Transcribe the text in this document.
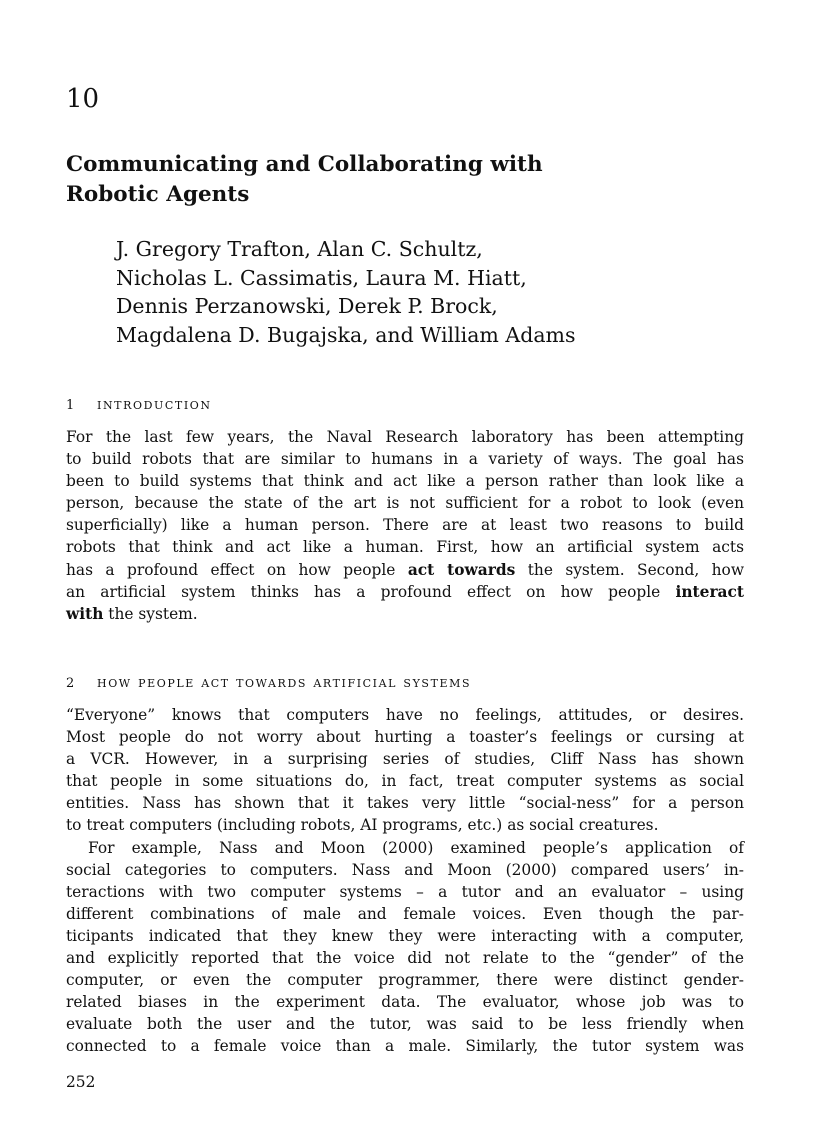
10
Communicating and Collaborating with
Robotic Agents
J. Gregory Trafton, Alan C. Schultz,
Nicholas L. Cassimatis, Laura M. Hiatt,
Dennis Perzanowski, Derek P. Brock,
Magdalena D. Bugajska, and William Adams
1 introduction
For the last few years, the Naval Research laboratory has been attempting
to build robots that are similar to humans in a variety of ways. The goal has
been to build systems that think and act like a person rather than look like a
person, because the state of the art is not sufficient for a robot to look (even
superficially) like a human person. There are at least two reasons to build
robots that think and act like a human. First, how an artificial system acts
has a profound effect on how people act towards the system. Second, how
an artificial system thinks has a profound effect on how people interact
with the system.
2 how people act towards artificial systems
“Everyone” knows that computers have no feelings, attitudes, or desires.
Most people do not worry about hurting a toaster’s feelings or cursing at
a VCR. However, in a surprising series of studies, Cliff Nass has shown
that people in some situations do, in fact, treat computer systems as social
entities. Nass has shown that it takes very little “social-ness” for a person
to treat computers (including robots, AI programs, etc.) as social creatures.
For example, Nass and Moon (2000) examined people’s application of
social categories to computers. Nass and Moon (2000) compared users’ in-
teractions with two computer systems – a tutor and an evaluator – using
different combinations of male and female voices. Even though the par-
ticipants indicated that they knew they were interacting with a computer,
and explicitly reported that the voice did not relate to the “gender” of the
computer, or even the computer programmer, there were distinct gender-
related biases in the experiment data. The evaluator, whose job was to
evaluate both the user and the tutor, was said to be less friendly when
connected to a female voice than a male. Similarly, the tutor system was
252
